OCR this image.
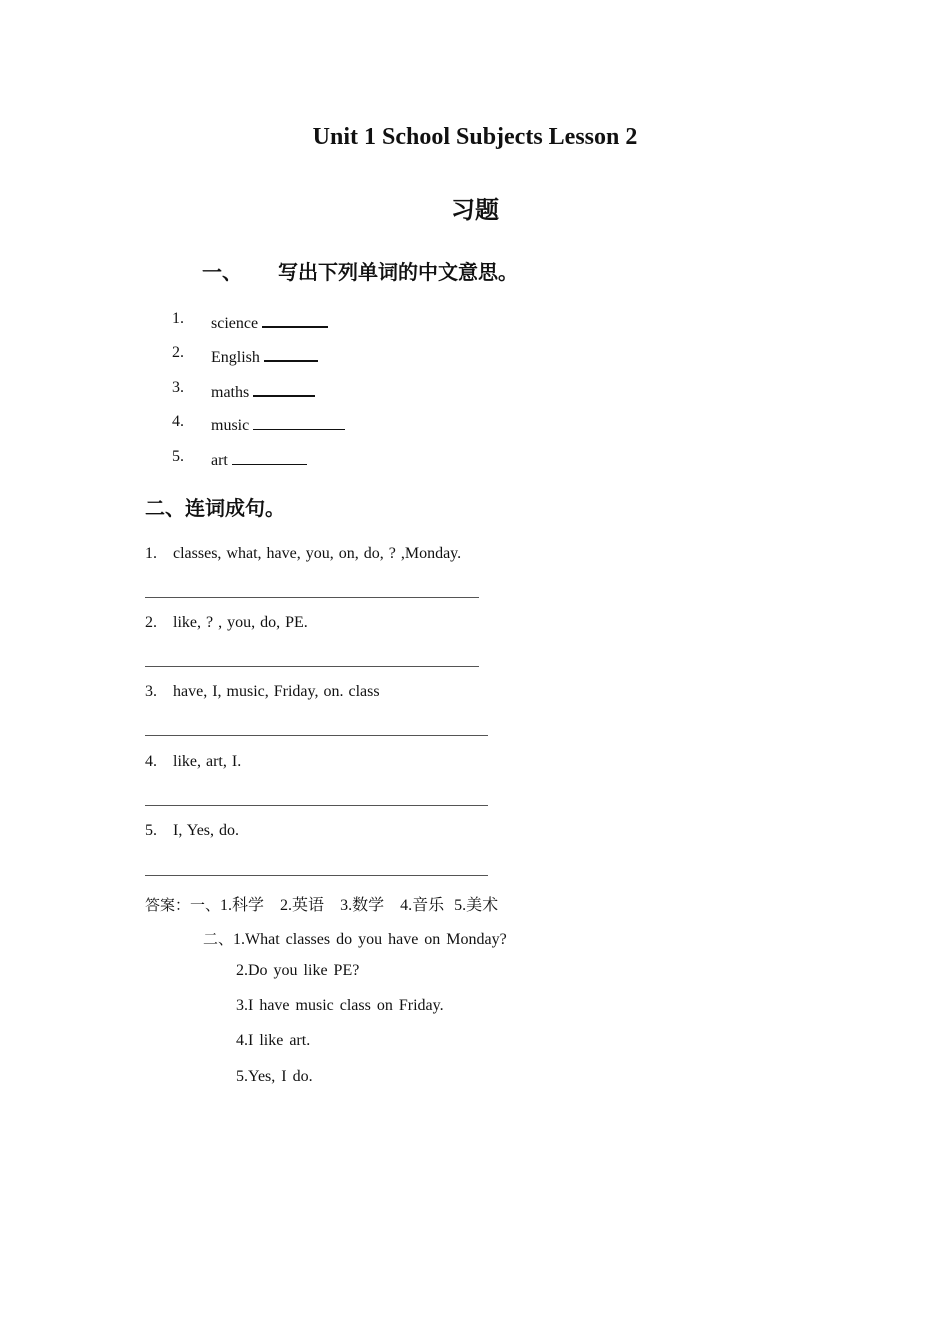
Unit 1 School Subjects Lesson 2
习题
一、 写出下列单词的中文意思。
1. science
2. English
3. maths
4. music
5. art
二、连词成句。
1. classes, what, have, you, on, do, ? ,Monday.
2. like, ? , you, do, PE.
3. have, I, music, Friday, on. class
4. like, art, I.
5. I, Yes, do.
答案：一、1.科学 2.英语 3.数学 4.音乐 5.美术
二、1.What classes do you have on Monday?
2.Do you like PE?
3.I have music class on Friday.
4.I like art.
5.Yes, I do.
